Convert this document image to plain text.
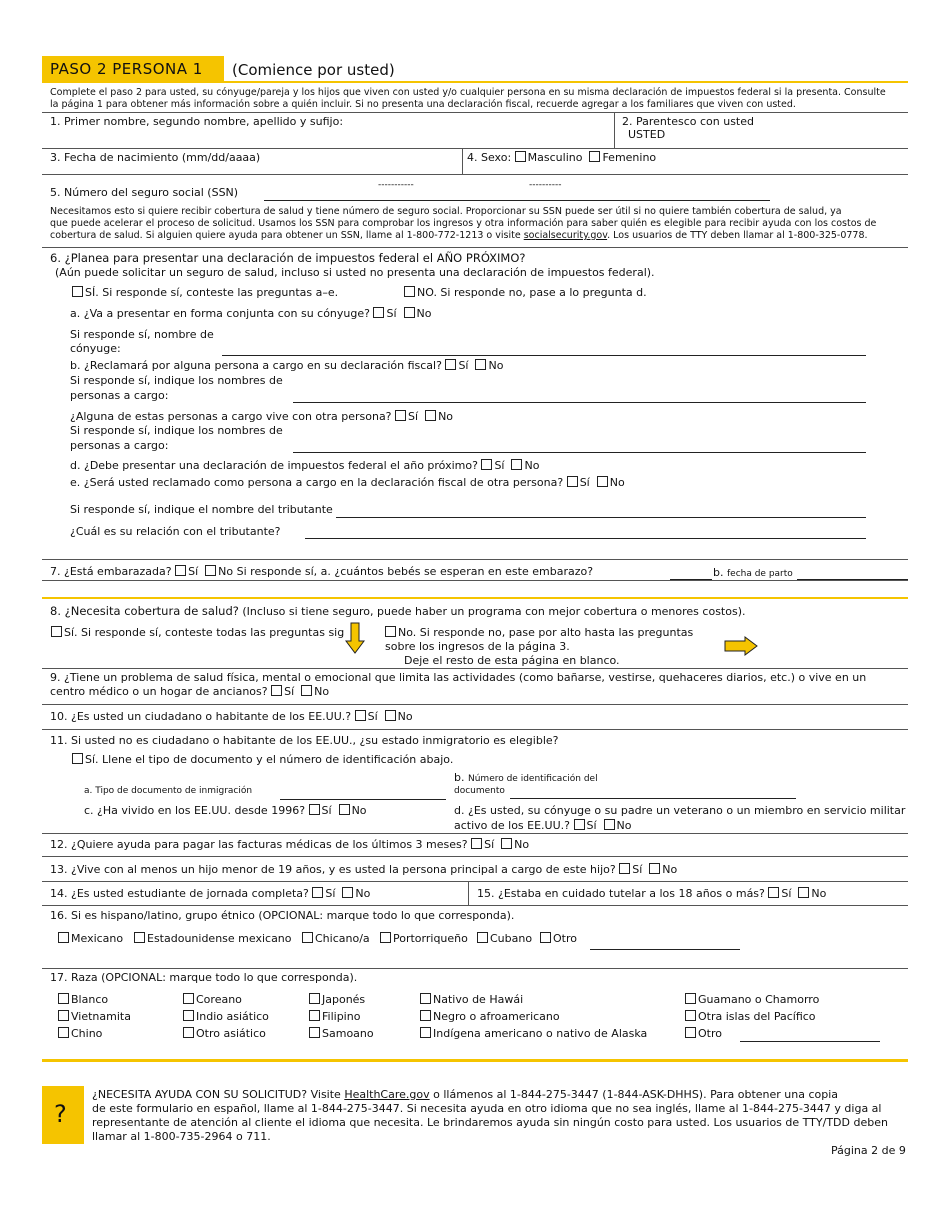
PASO 2 PERSONA 1 (Comience por usted)
Complete el paso 2 para usted, su cónyuge/pareja y los hijos que viven con usted y/o cualquier persona en su misma declaración de impuestos federal si la presenta. Consulte
la página 1 para obtener más información sobre a quién incluir. Si no presenta una declaración fiscal, recuerde agregar a los familiares que viven con usted.
1. Primer nombre, segundo nombre, apellido y sufijo:	2. Parentesco con usted
USTED
3. Fecha de nacimiento (mm/dd/aaaa)	4. Sexo: Masculino Femenino
5. Número del seguro social (SSN)
-----------	----------
Necesitamos esto si quiere recibir cobertura de salud y tiene número de seguro social. Proporcionar su SSN puede ser útil si no quiere también cobertura de salud, ya
que puede acelerar el proceso de solicitud. Usamos los SSN para comprobar los ingresos y otra información para saber quién es elegible para recibir ayuda con los costos de
cobertura de salud. Si alguien quiere ayuda para obtener un SSN, llame al 1-800-772-1213 o visite socialsecurity.gov. Los usuarios de TTY deben llamar al 1-800-325-0778.
6. ¿Planea para presentar una declaración de impuestos federal el AÑO PRÓXIMO?
(Aún puede solicitar un seguro de salud, incluso si usted no presenta una declaración de impuestos federal).
SÍ. Si responde sí, conteste las preguntas a–e.	NO. Si responde no, pase a lo pregunta d.
a. ¿Va a presentar en forma conjunta con su cónyuge? Sí No
Si responde sí, nombre de
cónyuge:
b. ¿Reclamará por alguna persona a cargo en su declaración fiscal? Sí No
Si responde sí, indique los nombres de
personas a cargo:
¿Alguna de estas personas a cargo vive con otra persona? Sí No
Si responde sí, indique los nombres de
personas a cargo:
d. ¿Debe presentar una declaración de impuestos federal el año próximo? Sí No
e. ¿Será usted reclamado como persona a cargo en la declaración fiscal de otra persona? Sí No
Si responde sí, indique el nombre del tributante
¿Cuál es su relación con el tributante?
7. ¿Está embarazada? Sí No Si responde sí, a. ¿cuántos bebés se esperan en este embarazo?	b. fecha de parto
8. ¿Necesita cobertura de salud? (Incluso si tiene seguro, puede haber un programa con mejor cobertura o menores costos).
Sí. Si responde sí, conteste todas las preguntas sig	No. Si responde no, pase por alto hasta las preguntas
sobre los ingresos de la página 3.
Deje el resto de esta página en blanco.
9. ¿Tiene un problema de salud física, mental o emocional que limita las actividades (como bañarse, vestirse, quehaceres diarios, etc.) o vive en un
centro médico o un hogar de ancianos? Sí No
10. ¿Es usted un ciudadano o habitante de los EE.UU.? Sí No
11. Si usted no es ciudadano o habitante de los EE.UU., ¿su estado inmigratorio es elegible?
Sí. Llene el tipo de documento y el número de identificación abajo.
a. Tipo de documento de inmigración
b. Número de identificación del
documento
c. ¿Ha vivido en los EE.UU. desde 1996? Sí No	d. ¿Es usted, su cónyuge o su padre un veterano o un miembro en servicio militar
activo de los EE.UU.? Sí No
12. ¿Quiere ayuda para pagar las facturas médicas de los últimos 3 meses? Sí No
13. ¿Vive con al menos un hijo menor de 19 años, y es usted la persona principal a cargo de este hijo? Sí No
14. ¿Es usted estudiante de jornada completa? Sí No	15. ¿Estaba en cuidado tutelar a los 18 años o más? Sí No
16. Si es hispano/latino, grupo étnico (OPCIONAL: marque todo lo que corresponda).
Mexicano	Estadounidense mexicano	Chicano/a	Portorriqueño	Cubano	Otro
17. Raza (OPCIONAL: marque todo lo que corresponda).
Blanco	Coreano	Japonés	Nativo de Hawái	Guamano o Chamorro
Vietnamita	Indio asiático	Filipino	Negro o afroamericano	Otra islas del Pacífico
Chino	Otro asiático	Samoano	Indígena americano o nativo de Alaska	Otro
?
¿NECESITA AYUDA CON SU SOLICITUD? Visite HealthCare.gov o llámenos al 1-844-275-3447 (1-844-ASK-DHHS). Para obtener una copia
de este formulario en español, llame al 1-844-275-3447. Si necesita ayuda en otro idioma que no sea inglés, llame al 1-844-275-3447 y diga al
representante de atención al cliente el idioma que necesita. Le brindaremos ayuda sin ningún costo para usted. Los usuarios de TTY/TDD deben
llamar al 1-800-735-2964 o 711.
Página 2 de 9
